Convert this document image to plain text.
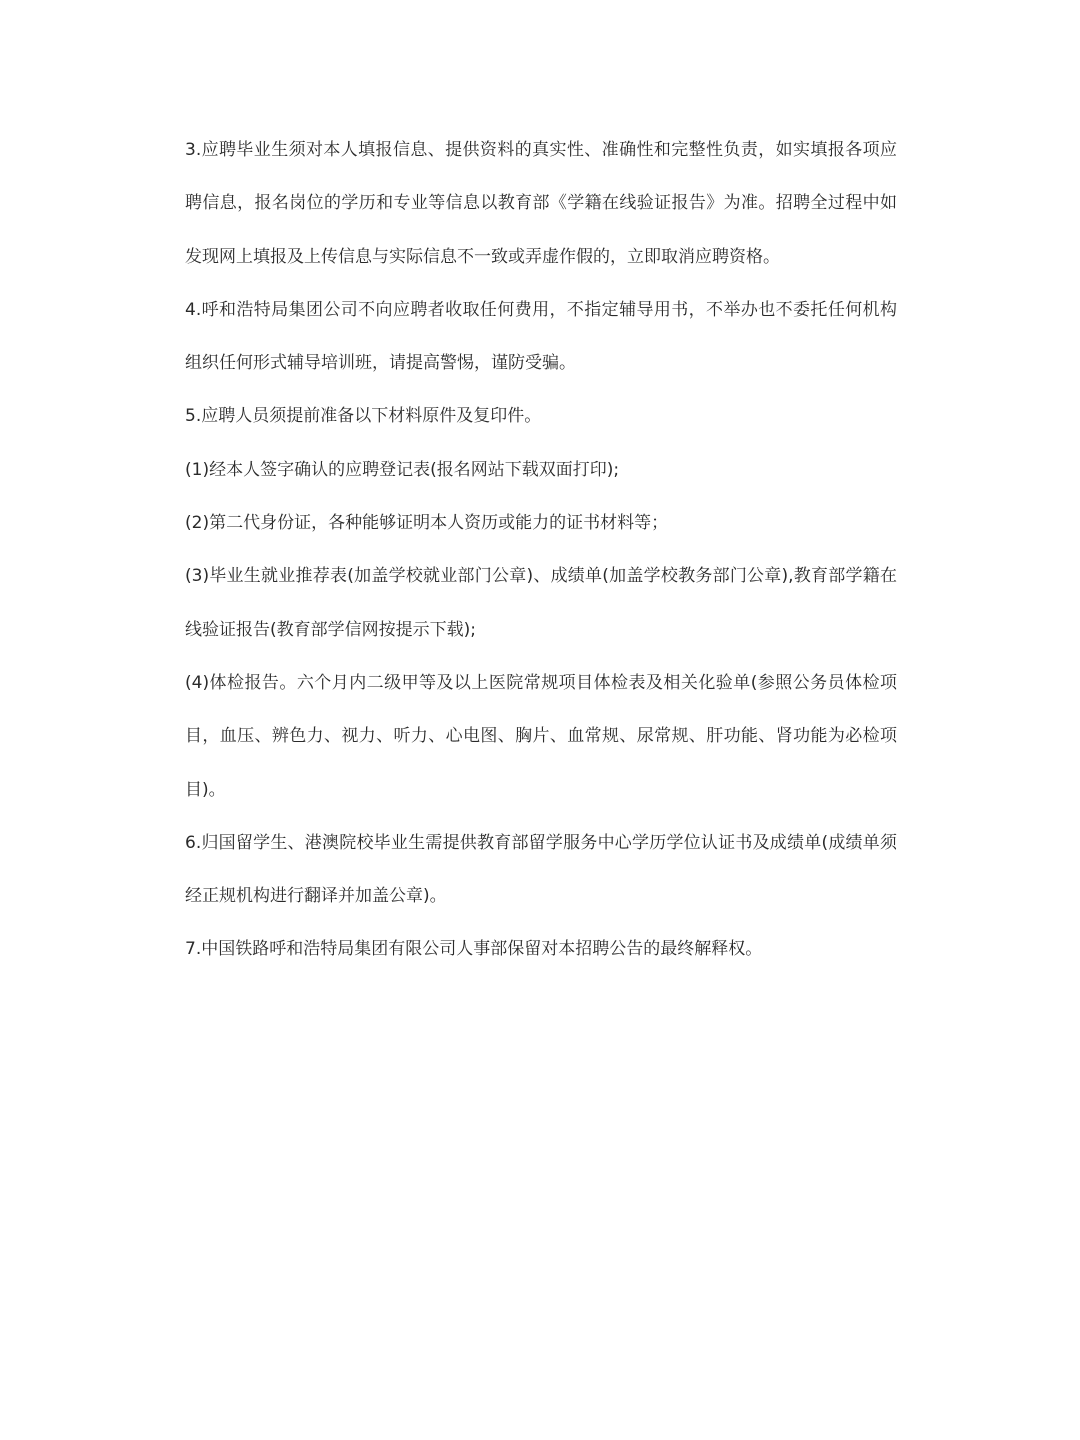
3.应聘毕业生须对本人填报信息、提供资料的真实性、准确性和完整性负责，如实填报各项应聘信息，报名岗位的学历和专业等信息以教育部《学籍在线验证报告》为准。招聘全过程中如发现网上填报及上传信息与实际信息不一致或弄虚作假的，立即取消应聘资格。

4.呼和浩特局集团公司不向应聘者收取任何费用，不指定辅导用书，不举办也不委托任何机构组织任何形式辅导培训班，请提高警惕，谨防受骗。

5.应聘人员须提前准备以下材料原件及复印件。

(1)经本人签字确认的应聘登记表(报名网站下载双面打印);

(2)第二代身份证，各种能够证明本人资历或能力的证书材料等；

(3)毕业生就业推荐表(加盖学校就业部门公章)、成绩单(加盖学校教务部门公章),教育部学籍在线验证报告(教育部学信网按提示下载);

(4)体检报告。六个月内二级甲等及以上医院常规项目体检表及相关化验单(参照公务员体检项目，血压、辨色力、视力、听力、心电图、胸片、血常规、尿常规、肝功能、肾功能为必检项目)。

6.归国留学生、港澳院校毕业生需提供教育部留学服务中心学历学位认证书及成绩单(成绩单须经正规机构进行翻译并加盖公章)。

7.中国铁路呼和浩特局集团有限公司人事部保留对本招聘公告的最终解释权。
